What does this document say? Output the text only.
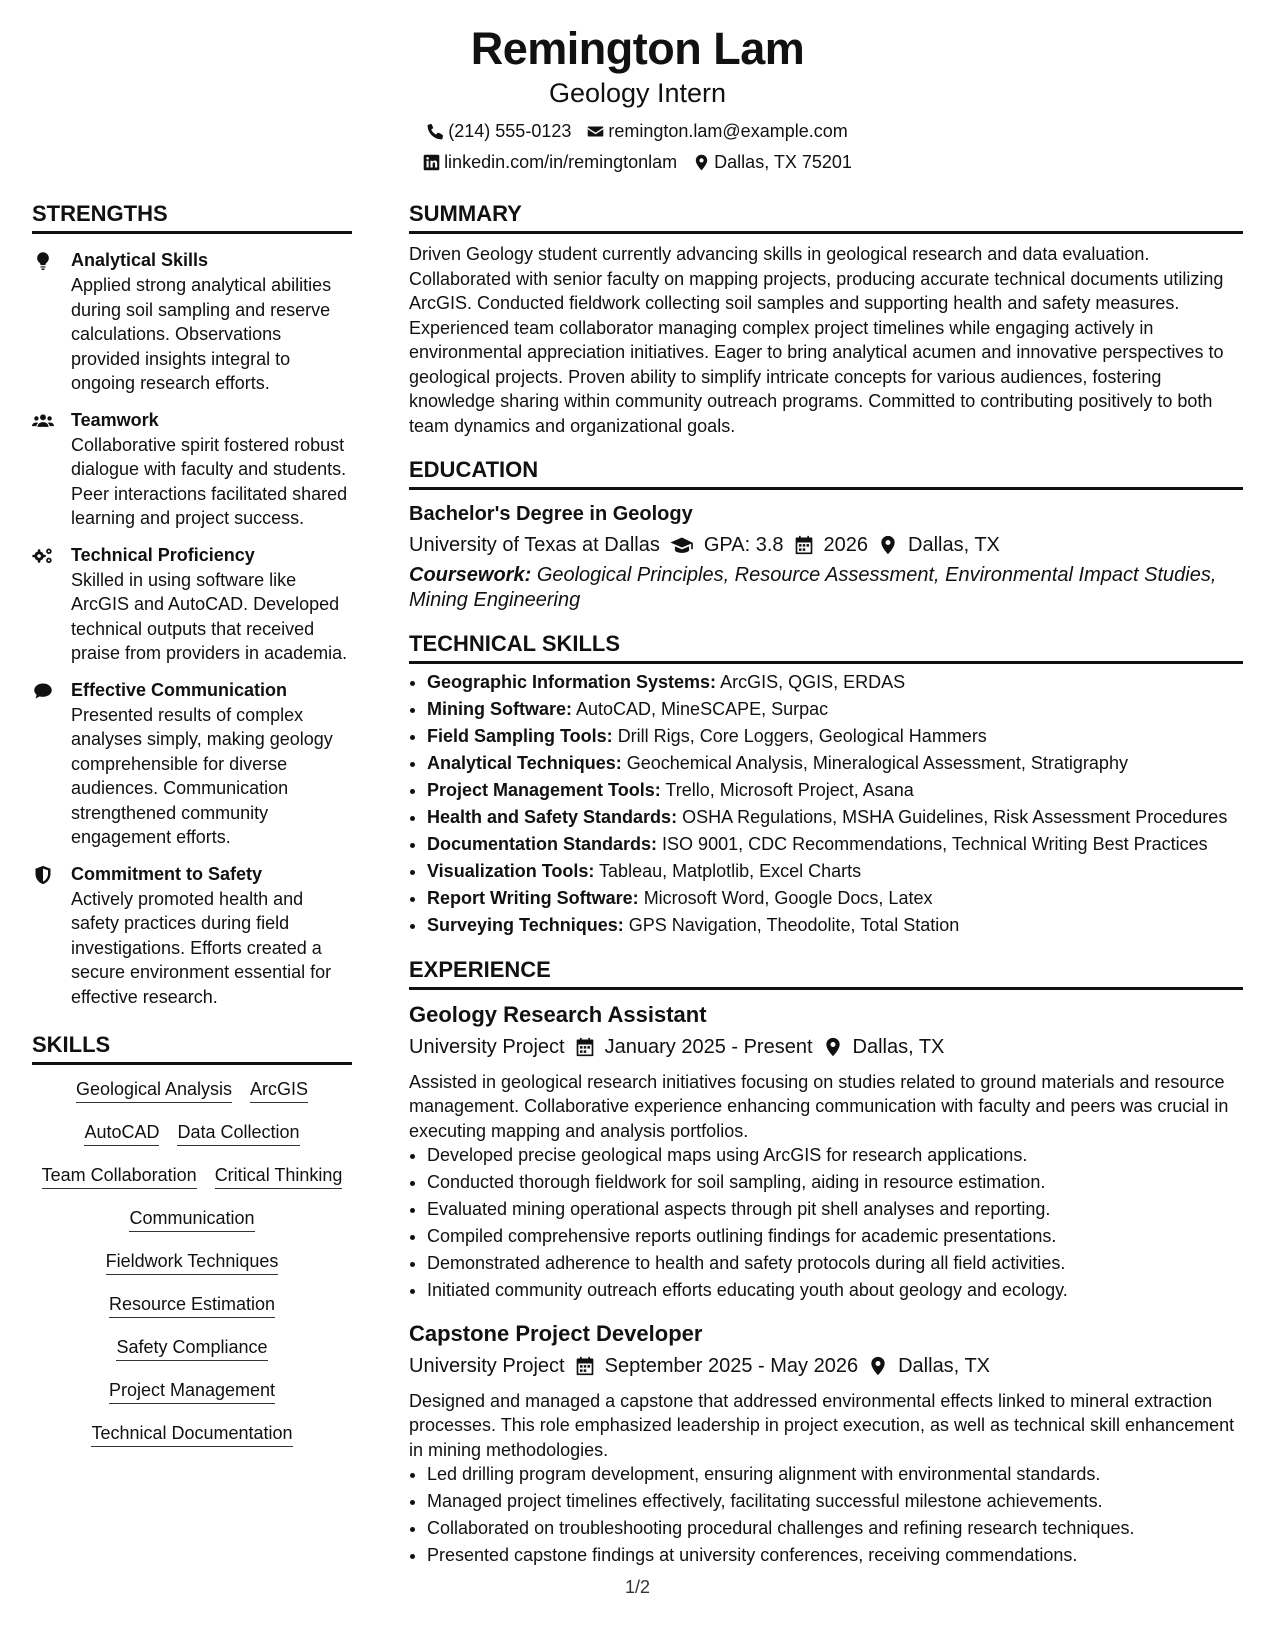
Remington Lam
Geology Intern
(214) 555-0123 remington.lam@example.com
linkedin.com/in/remingtonlam Dallas, TX 75201
STRENGTHS
Analytical Skills
Applied strong analytical abilities during soil sampling and reserve calculations. Observations provided insights integral to ongoing research efforts.
Teamwork
Collaborative spirit fostered robust dialogue with faculty and students. Peer interactions facilitated shared learning and project success.
Technical Proficiency
Skilled in using software like ArcGIS and AutoCAD. Developed technical outputs that received praise from providers in academia.
Effective Communication
Presented results of complex analyses simply, making geology comprehensible for diverse audiences. Communication strengthened community engagement efforts.
Commitment to Safety
Actively promoted health and safety practices during field investigations. Efforts created a secure environment essential for effective research.
SKILLS
Geological Analysis ArcGIS
AutoCAD Data Collection
Team Collaboration Critical Thinking
Communication
Fieldwork Techniques
Resource Estimation
Safety Compliance
Project Management
Technical Documentation
SUMMARY

Driven Geology student currently advancing skills in geological research and data evaluation. Collaborated with senior faculty on mapping projects, producing accurate technical documents utilizing ArcGIS. Conducted fieldwork collecting soil samples and supporting health and safety measures. Experienced team collaborator managing complex project timelines while engaging actively in environmental appreciation initiatives. Eager to bring analytical acumen and innovative perspectives to geological projects. Proven ability to simplify intricate concepts for various audiences, fostering knowledge sharing within community outreach programs. Committed to contributing positively to both team dynamics and organizational goals.

EDUCATION
Bachelor's Degree in Geology
University of Texas at Dallas GPA: 3.8 2026 Dallas, TX
Coursework: Geological Principles, Resource Assessment, Environmental Impact Studies, Mining Engineering
TECHNICAL SKILLS
• Geographic Information Systems: ArcGIS, QGIS, ERDAS
• Mining Software: AutoCAD, MineSCAPE, Surpac
• Field Sampling Tools: Drill Rigs, Core Loggers, Geological Hammers
• Analytical Techniques: Geochemical Analysis, Mineralogical Assessment, Stratigraphy
• Project Management Tools: Trello, Microsoft Project, Asana
• Health and Safety Standards: OSHA Regulations, MSHA Guidelines, Risk Assessment Procedures
• Documentation Standards: ISO 9001, CDC Recommendations, Technical Writing Best Practices
• Visualization Tools: Tableau, Matplotlib, Excel Charts
• Report Writing Software: Microsoft Word, Google Docs, Latex
• Surveying Techniques: GPS Navigation, Theodolite, Total Station
EXPERIENCE
Geology Research Assistant
University Project January 2025 - Present Dallas, TX
Assisted in geological research initiatives focusing on studies related to ground materials and resource management. Collaborative experience enhancing communication with faculty and peers was crucial in executing mapping and analysis portfolios.
• Developed precise geological maps using ArcGIS for research applications.
• Conducted thorough fieldwork for soil sampling, aiding in resource estimation.
• Evaluated mining operational aspects through pit shell analyses and reporting.
• Compiled comprehensive reports outlining findings for academic presentations.
• Demonstrated adherence to health and safety protocols during all field activities.
• Initiated community outreach efforts educating youth about geology and ecology.
Capstone Project Developer
University Project September 2025 - May 2026 Dallas, TX
Designed and managed a capstone that addressed environmental effects linked to mineral extraction processes. This role emphasized leadership in project execution, as well as technical skill enhancement in mining methodologies.
• Led drilling program development, ensuring alignment with environmental standards.
• Managed project timelines effectively, facilitating successful milestone achievements.
• Collaborated on troubleshooting procedural challenges and refining research techniques.
• Presented capstone findings at university conferences, receiving commendations.
1/2
